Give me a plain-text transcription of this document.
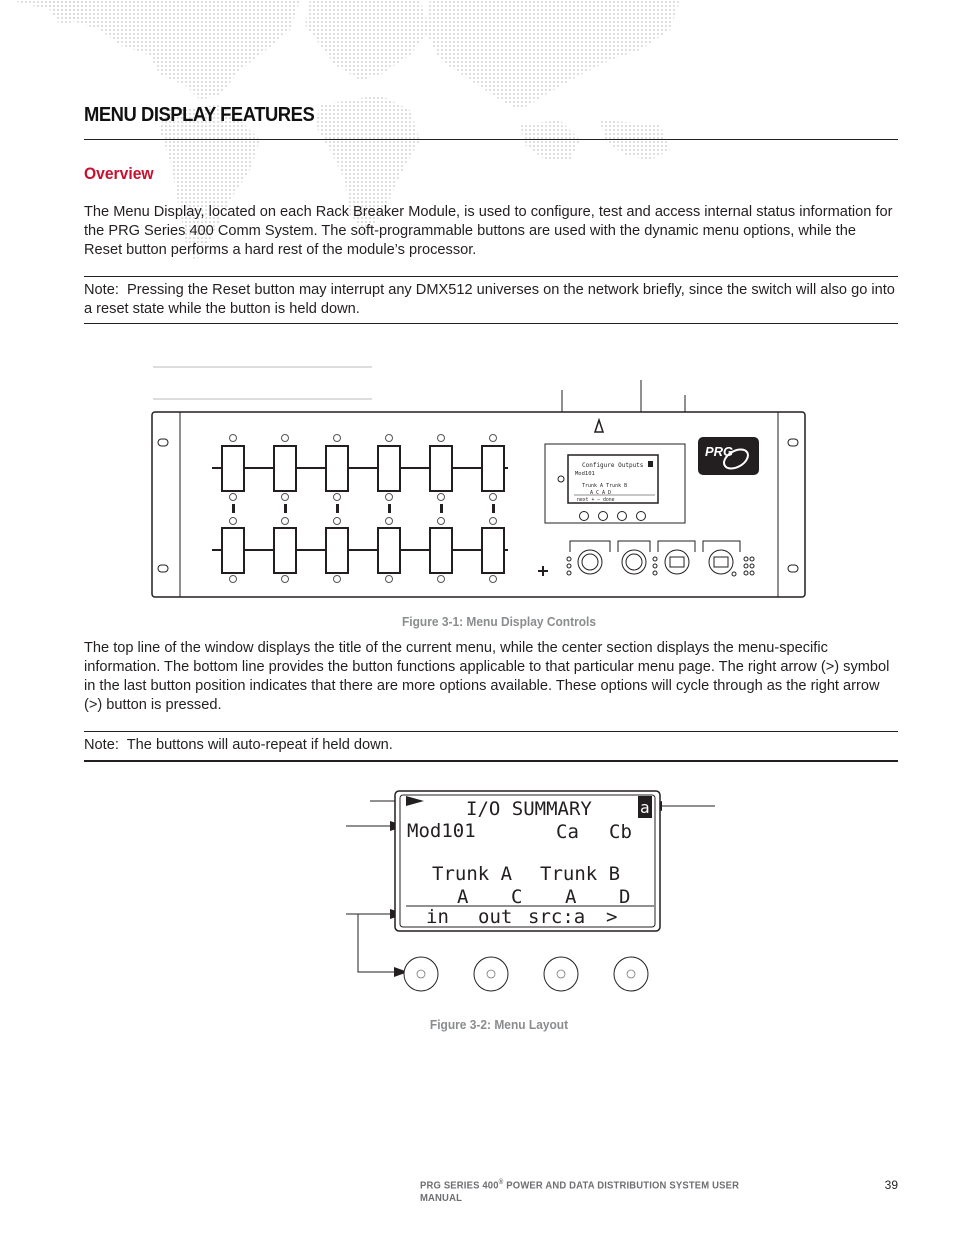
MENU DISPLAY FEATURES
Overview

The Menu Display, located on each Rack Breaker Module, is used to configure, test and access internal status information for the PRG Series 400 Comm System. The soft-programmable buttons are used with the dynamic menu options, while the Reset button performs a hard rest of the module’s processor.

Note: Pressing the Reset button may interrupt any DMX512 universes on the network briefly, since the switch will also go into a reset state while the button is held down.

Configure Outputs
Mod101
Trunk A Trunk B
A C A D
next + − done
PRG
Figure 3-1: Menu Display Controls

The top line of the window displays the title of the current menu, while the center section displays the menu-specific information. The bottom line provides the button functions applicable to that particular menu page. The right arrow (>) symbol in the last button position indicates that there are more options available. These options will cycle through as the right arrow (>) button is pressed.

Note: The buttons will auto-repeat if held down.

I/O SUMMARY	a
Mod101	Ca Cb
Trunk A Trunk B
A C A D
in out src:a >
Figure 3-2: Menu Layout
PRG SERIES 400® POWER AND DATA DISTRIBUTION SYSTEM USER MANUAL
39
